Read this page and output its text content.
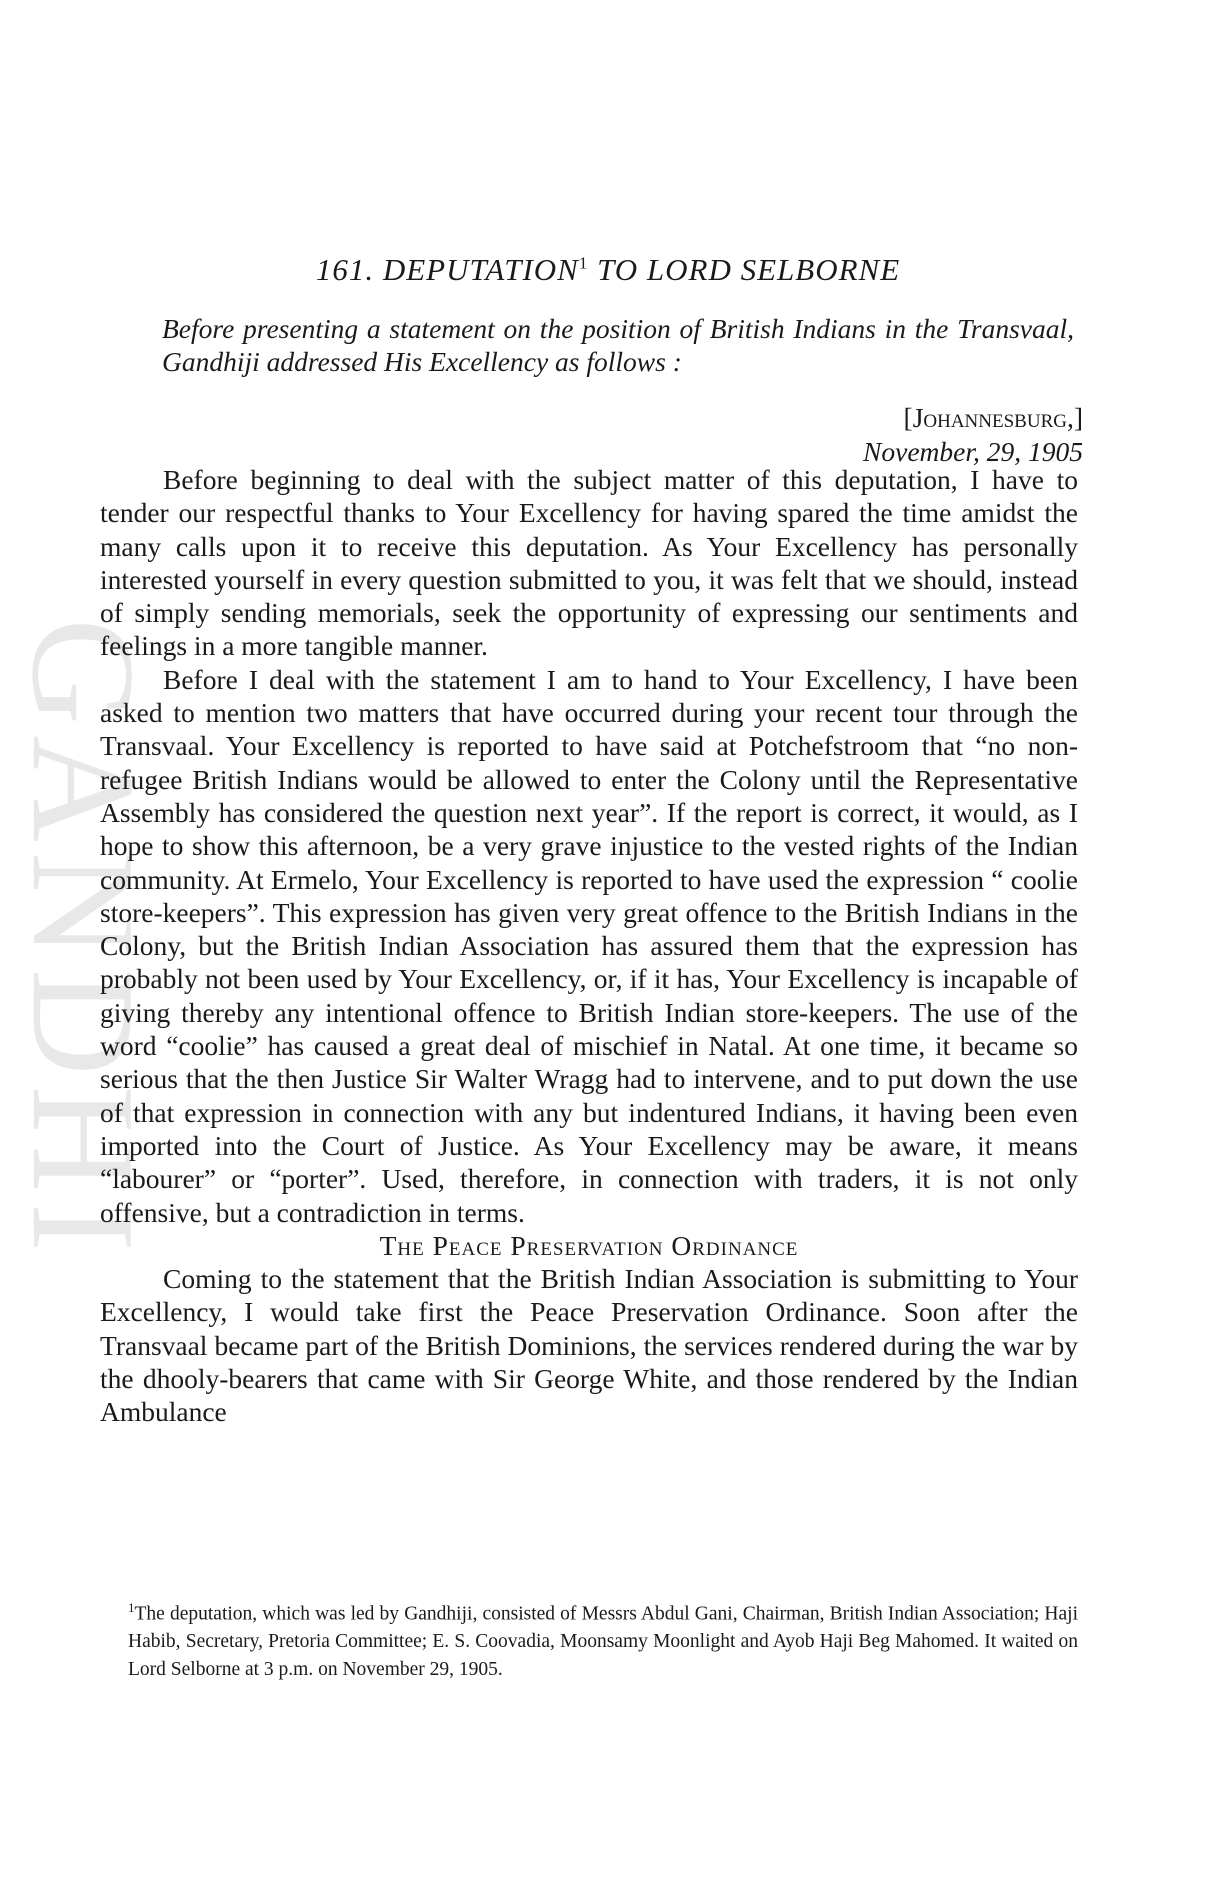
GANDHI
161. DEPUTATION$^1$ TO LORD SELBORNE
Before presenting a statement on the position of British Indians in the Transvaal, Gandhiji addressed His Excellency as follows :
[Johannesburg,]
November, 29, 1905

Before beginning to deal with the subject matter of this deputation, I have to tender our respectful thanks to Your Excellency for having spared the time amidst the many calls upon it to receive this deputation. As Your Excellency has personally interested yourself in every question submitted to you, it was felt that we should, instead of simply sending memorials, seek the opportunity of expressing our sentiments and feelings in a more tangible manner.

Before I deal with the statement I am to hand to Your Excellency, I have been asked to mention two matters that have occurred during your recent tour through the Transvaal. Your Excellency is reported to have said at Potchefstroom that “no non-refugee British Indians would be allowed to enter the Colony until the Representative Assembly has considered the question next year”. If the report is correct, it would, as I hope to show this afternoon, be a very grave injustice to the vested rights of the Indian community. At Ermelo, Your Excellency is reported to have used the expression “ coolie store-keepers”. This expression has given very great offence to the British Indians in the Colony, but the British Indian Association has assured them that the expression has probably not been used by Your Excellency, or, if it has, Your Excellency is incapable of giving thereby any intentional offence to British Indian store-keepers. The use of the word “coolie” has caused a great deal of mischief in Natal. At one time, it became so serious that the then Justice Sir Walter Wragg had to intervene, and to put down the use of that expression in connection with any but indentured Indians, it having been even imported into the Court of Justice. As Your Excellency may be aware, it means “labourer” or “porter”. Used, therefore, in connection with traders, it is not only offensive, but a contradiction in terms.

The Peace Preservation Ordinance

Coming to the statement that the British Indian Association is submitting to Your Excellency, I would take first the Peace Preservation Ordinance. Soon after the Transvaal became part of the British Dominions, the services rendered during the war by the dhooly-bearers that came with Sir George White, and those rendered by the Indian Ambulance

$^1$The deputation, which was led by Gandhiji, consisted of Messrs Abdul Gani, Chairman, British Indian Association; Haji Habib, Secretary, Pretoria Committee; E. S. Coovadia, Moonsamy Moonlight and Ayob Haji Beg Mahomed. It waited on Lord Selborne at 3 p.m. on November 29, 1905.
